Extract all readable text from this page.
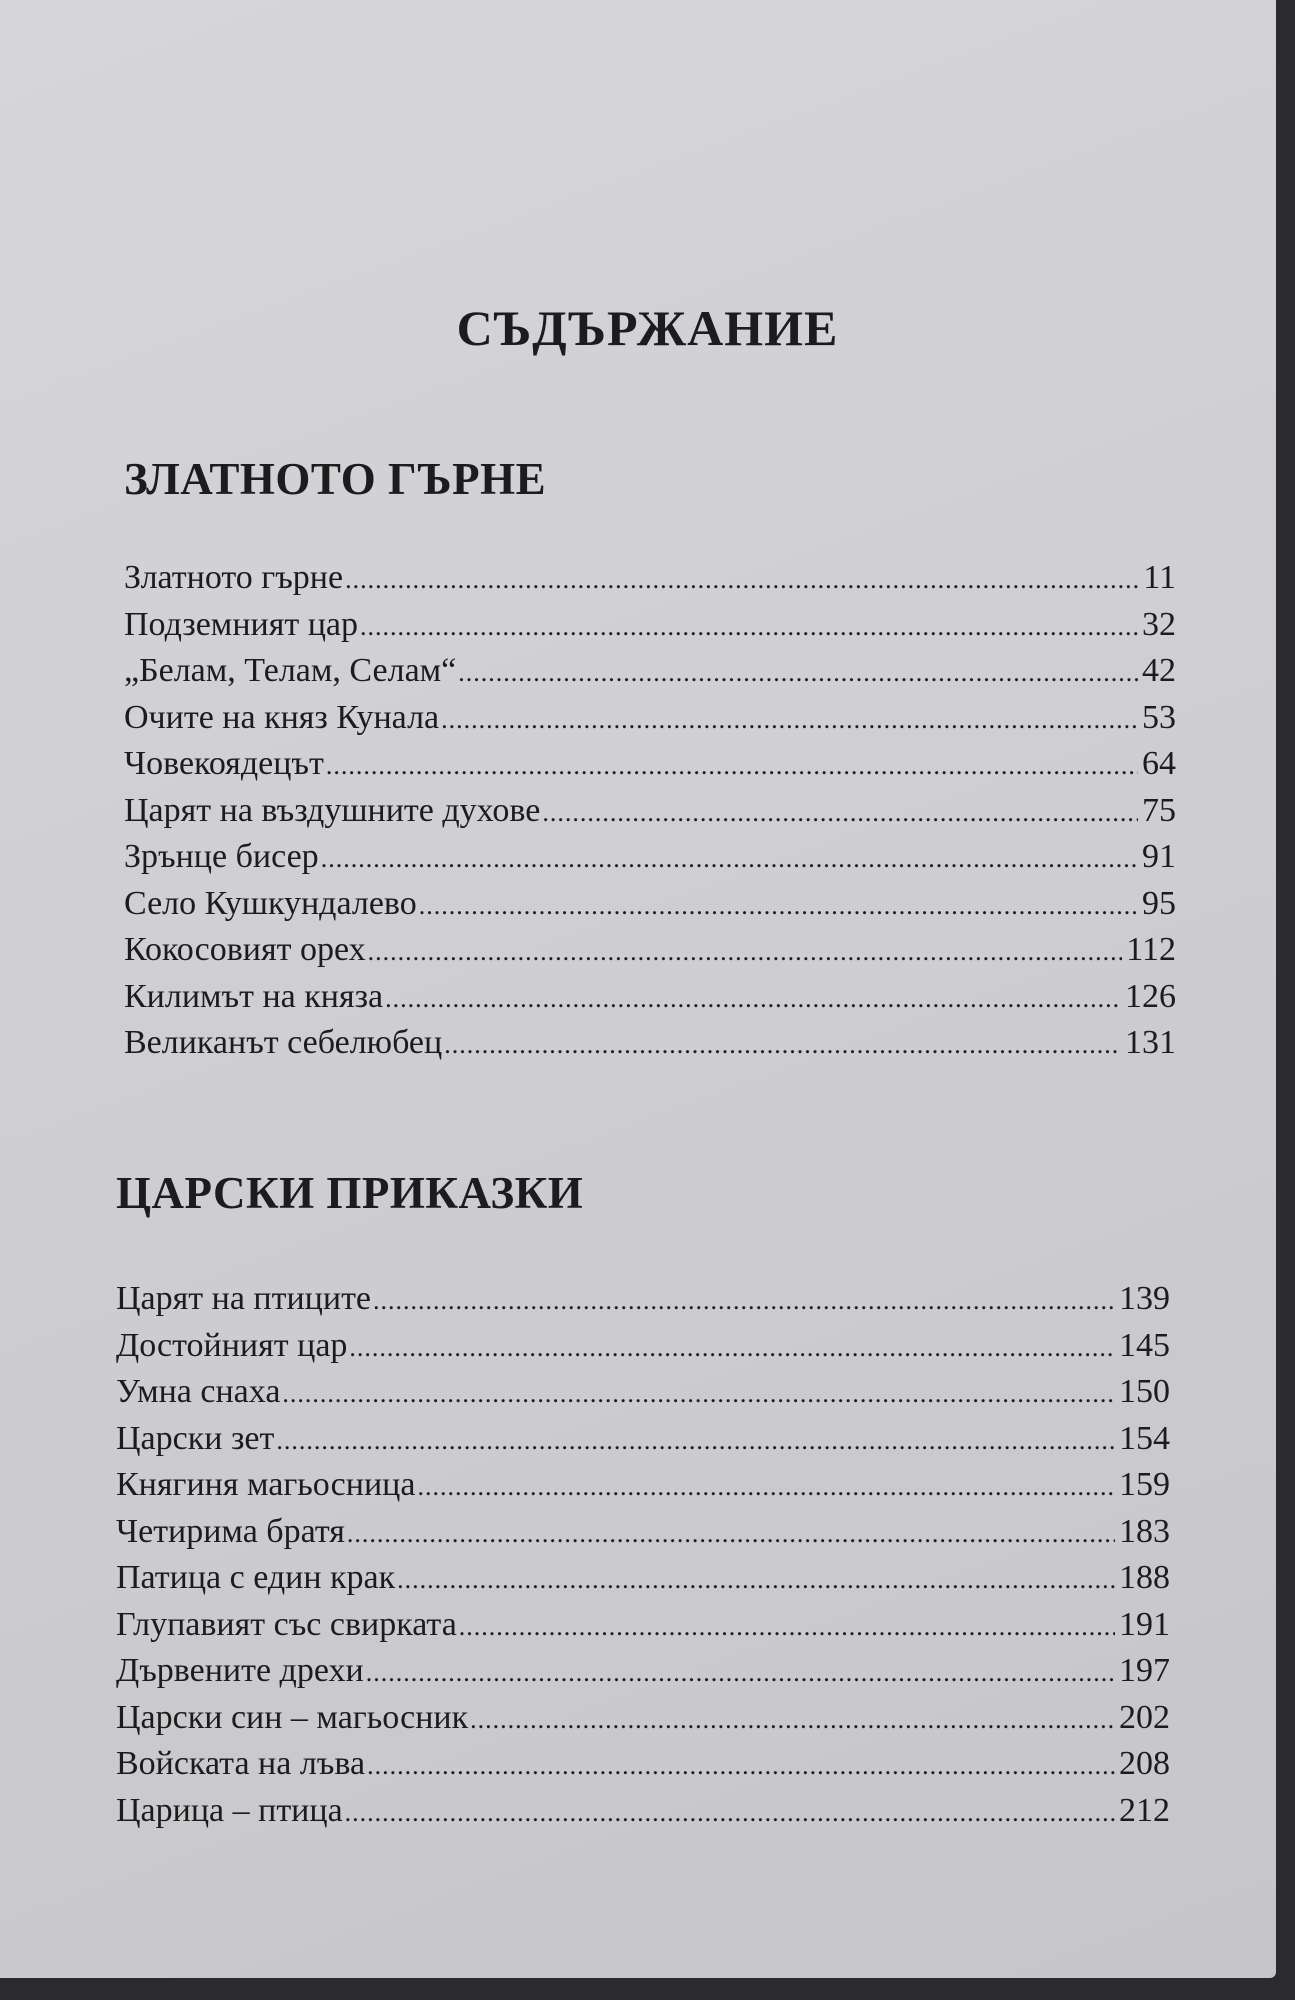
СЪДЪРЖАНИЕ
ЗЛАТНОТО ГЪРНЕ
Златното гърне .....	11
Подземният цар .....	32
„Белам, Телам, Селам“ .....	42
Очите на княз Кунала .....	53
Човекоядецът .....	64
Царят на въздушните духове .....	75
Зрънце бисер .....	91
Село Кушкундалево .....	95
Кокосовият орех .....	112
Килимът на княза .....	126
Великанът себелюбец .....	131
ЦАРСКИ ПРИКАЗКИ
Царят на птиците .....	139
Достойният цар .....	145
Умна снаха .....	150
Царски зет .....	154
Княгиня магьосница .....	159
Четирима братя .....	183
Патица с един крак .....	188
Глупавият със свирката .....	191
Дървените дрехи .....	197
Царски син – магьосник .....	202
Войската на лъва .....	208
Царица – птица .....	212
